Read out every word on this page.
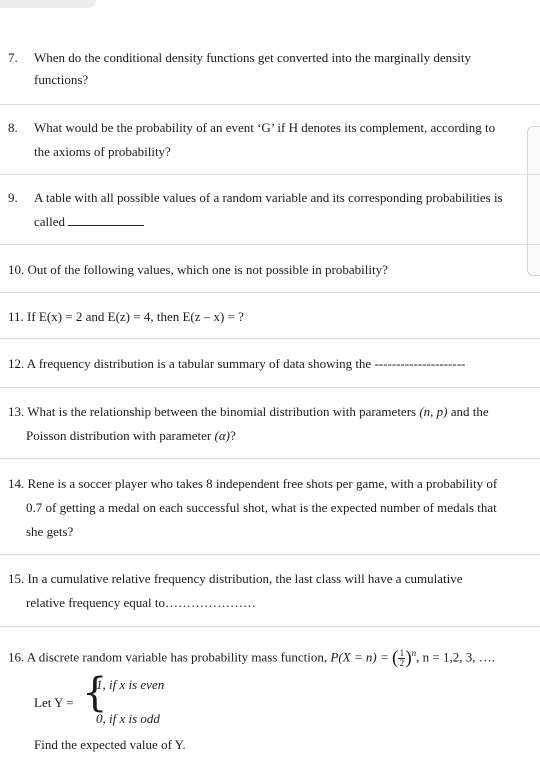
7. When do the conditional density functions get converted into the marginally density
functions?
8. What would be the probability of an event ‘G’ if H denotes its complement, according to
the axioms of probability?
9. A table with all possible values of a random variable and its corresponding probabilities is
called
10. Out of the following values, which one is not possible in probability?
11. If E(x) = 2 and E(z) = 4, then E(z – x) = ?
12. A frequency distribution is a tabular summary of data showing the ---------------------
13. What is the relationship between the binomial distribution with parameters (n, p) and the
Poisson distribution with parameter (α)?
14. Rene is a soccer player who takes 8 independent free shots per game, with a probability of
0.7 of getting a medal on each successful shot, what is the expected number of medals that
she gets?
15. In a cumulative relative frequency distribution, the last class will have a cumulative
relative frequency equal to…………………
16. A discrete random variable has probability mass function, P(X = n) = ( $\frac{1}{2} )^n$, n = 1,2, 3, ….
Let Y = {
1, if x is even
0, if x is odd
Find the expected value of Y.
